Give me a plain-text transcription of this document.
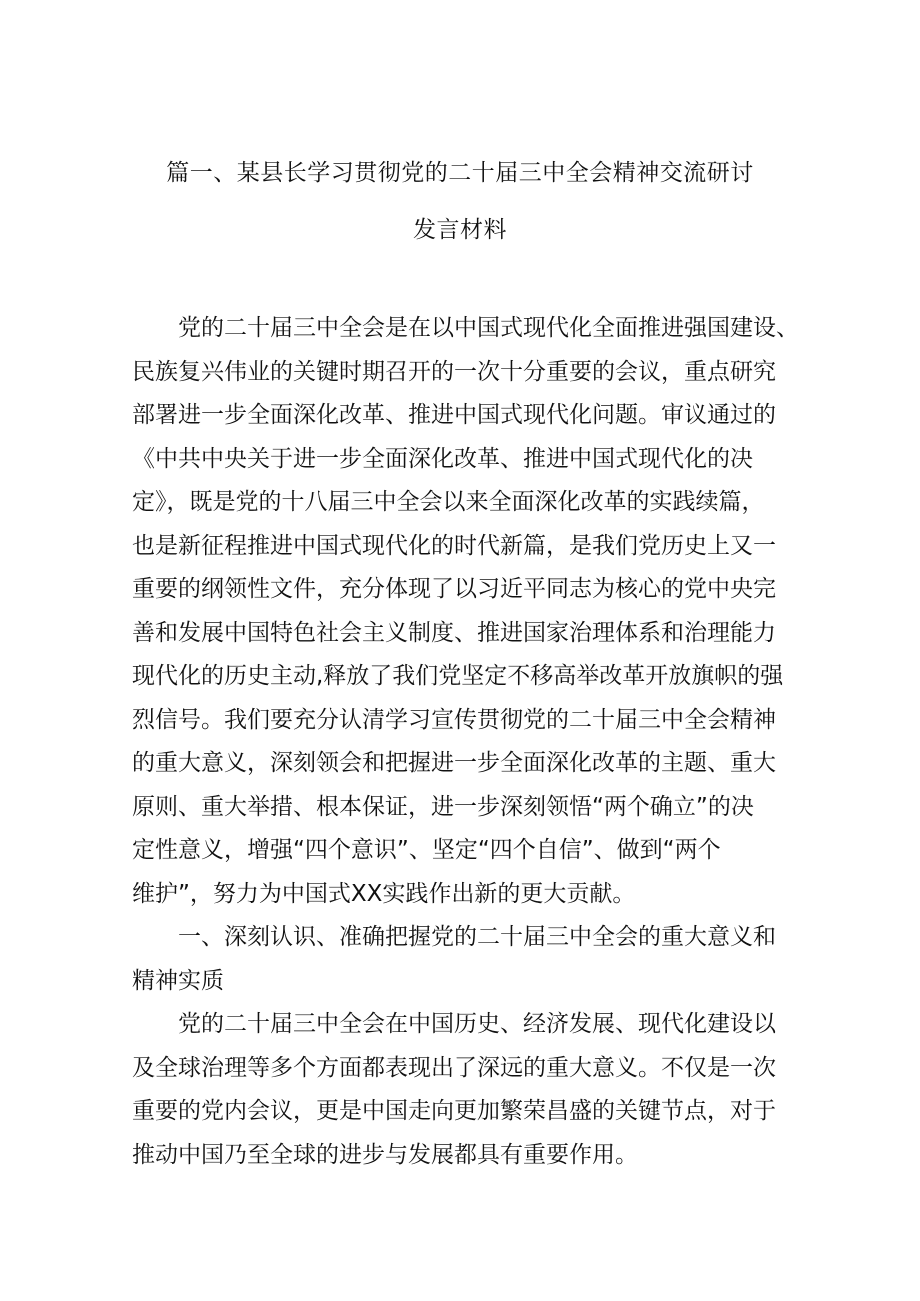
篇一、某县长学习贯彻党的二十届三中全会精神交流研讨
发言材料
党的二十届三中全会是在以中国式现代化全面推进强国建设、
民族复兴伟业的关键时期召开的一次十分重要的会议，重点研究
部署进一步全面深化改革、推进中国式现代化问题。审议通过的
《中共中央关于进一步全面深化改革、推进中国式现代化的决
定》，既是党的十八届三中全会以来全面深化改革的实践续篇，
也是新征程推进中国式现代化的时代新篇，是我们党历史上又一
重要的纲领性文件，充分体现了以习近平同志为核心的党中央完
善和发展中国特色社会主义制度、推进国家治理体系和治理能力
现代化的历史主动,释放了我们党坚定不移高举改革开放旗帜的强
烈信号。我们要充分认清学习宣传贯彻党的二十届三中全会精神
的重大意义，深刻领会和把握进一步全面深化改革的主题、重大
原则、重大举措、根本保证，进一步深刻领悟“两个确立”的决
定性意义，增强“四个意识”、坚定“四个自信”、做到“两个
维护”，努力为中国式XX实践作出新的更大贡献。
一、深刻认识、准确把握党的二十届三中全会的重大意义和
精神实质
党的二十届三中全会在中国历史、经济发展、现代化建设以
及全球治理等多个方面都表现出了深远的重大意义。不仅是一次
重要的党内会议，更是中国走向更加繁荣昌盛的关键节点，对于
推动中国乃至全球的进步与发展都具有重要作用。
